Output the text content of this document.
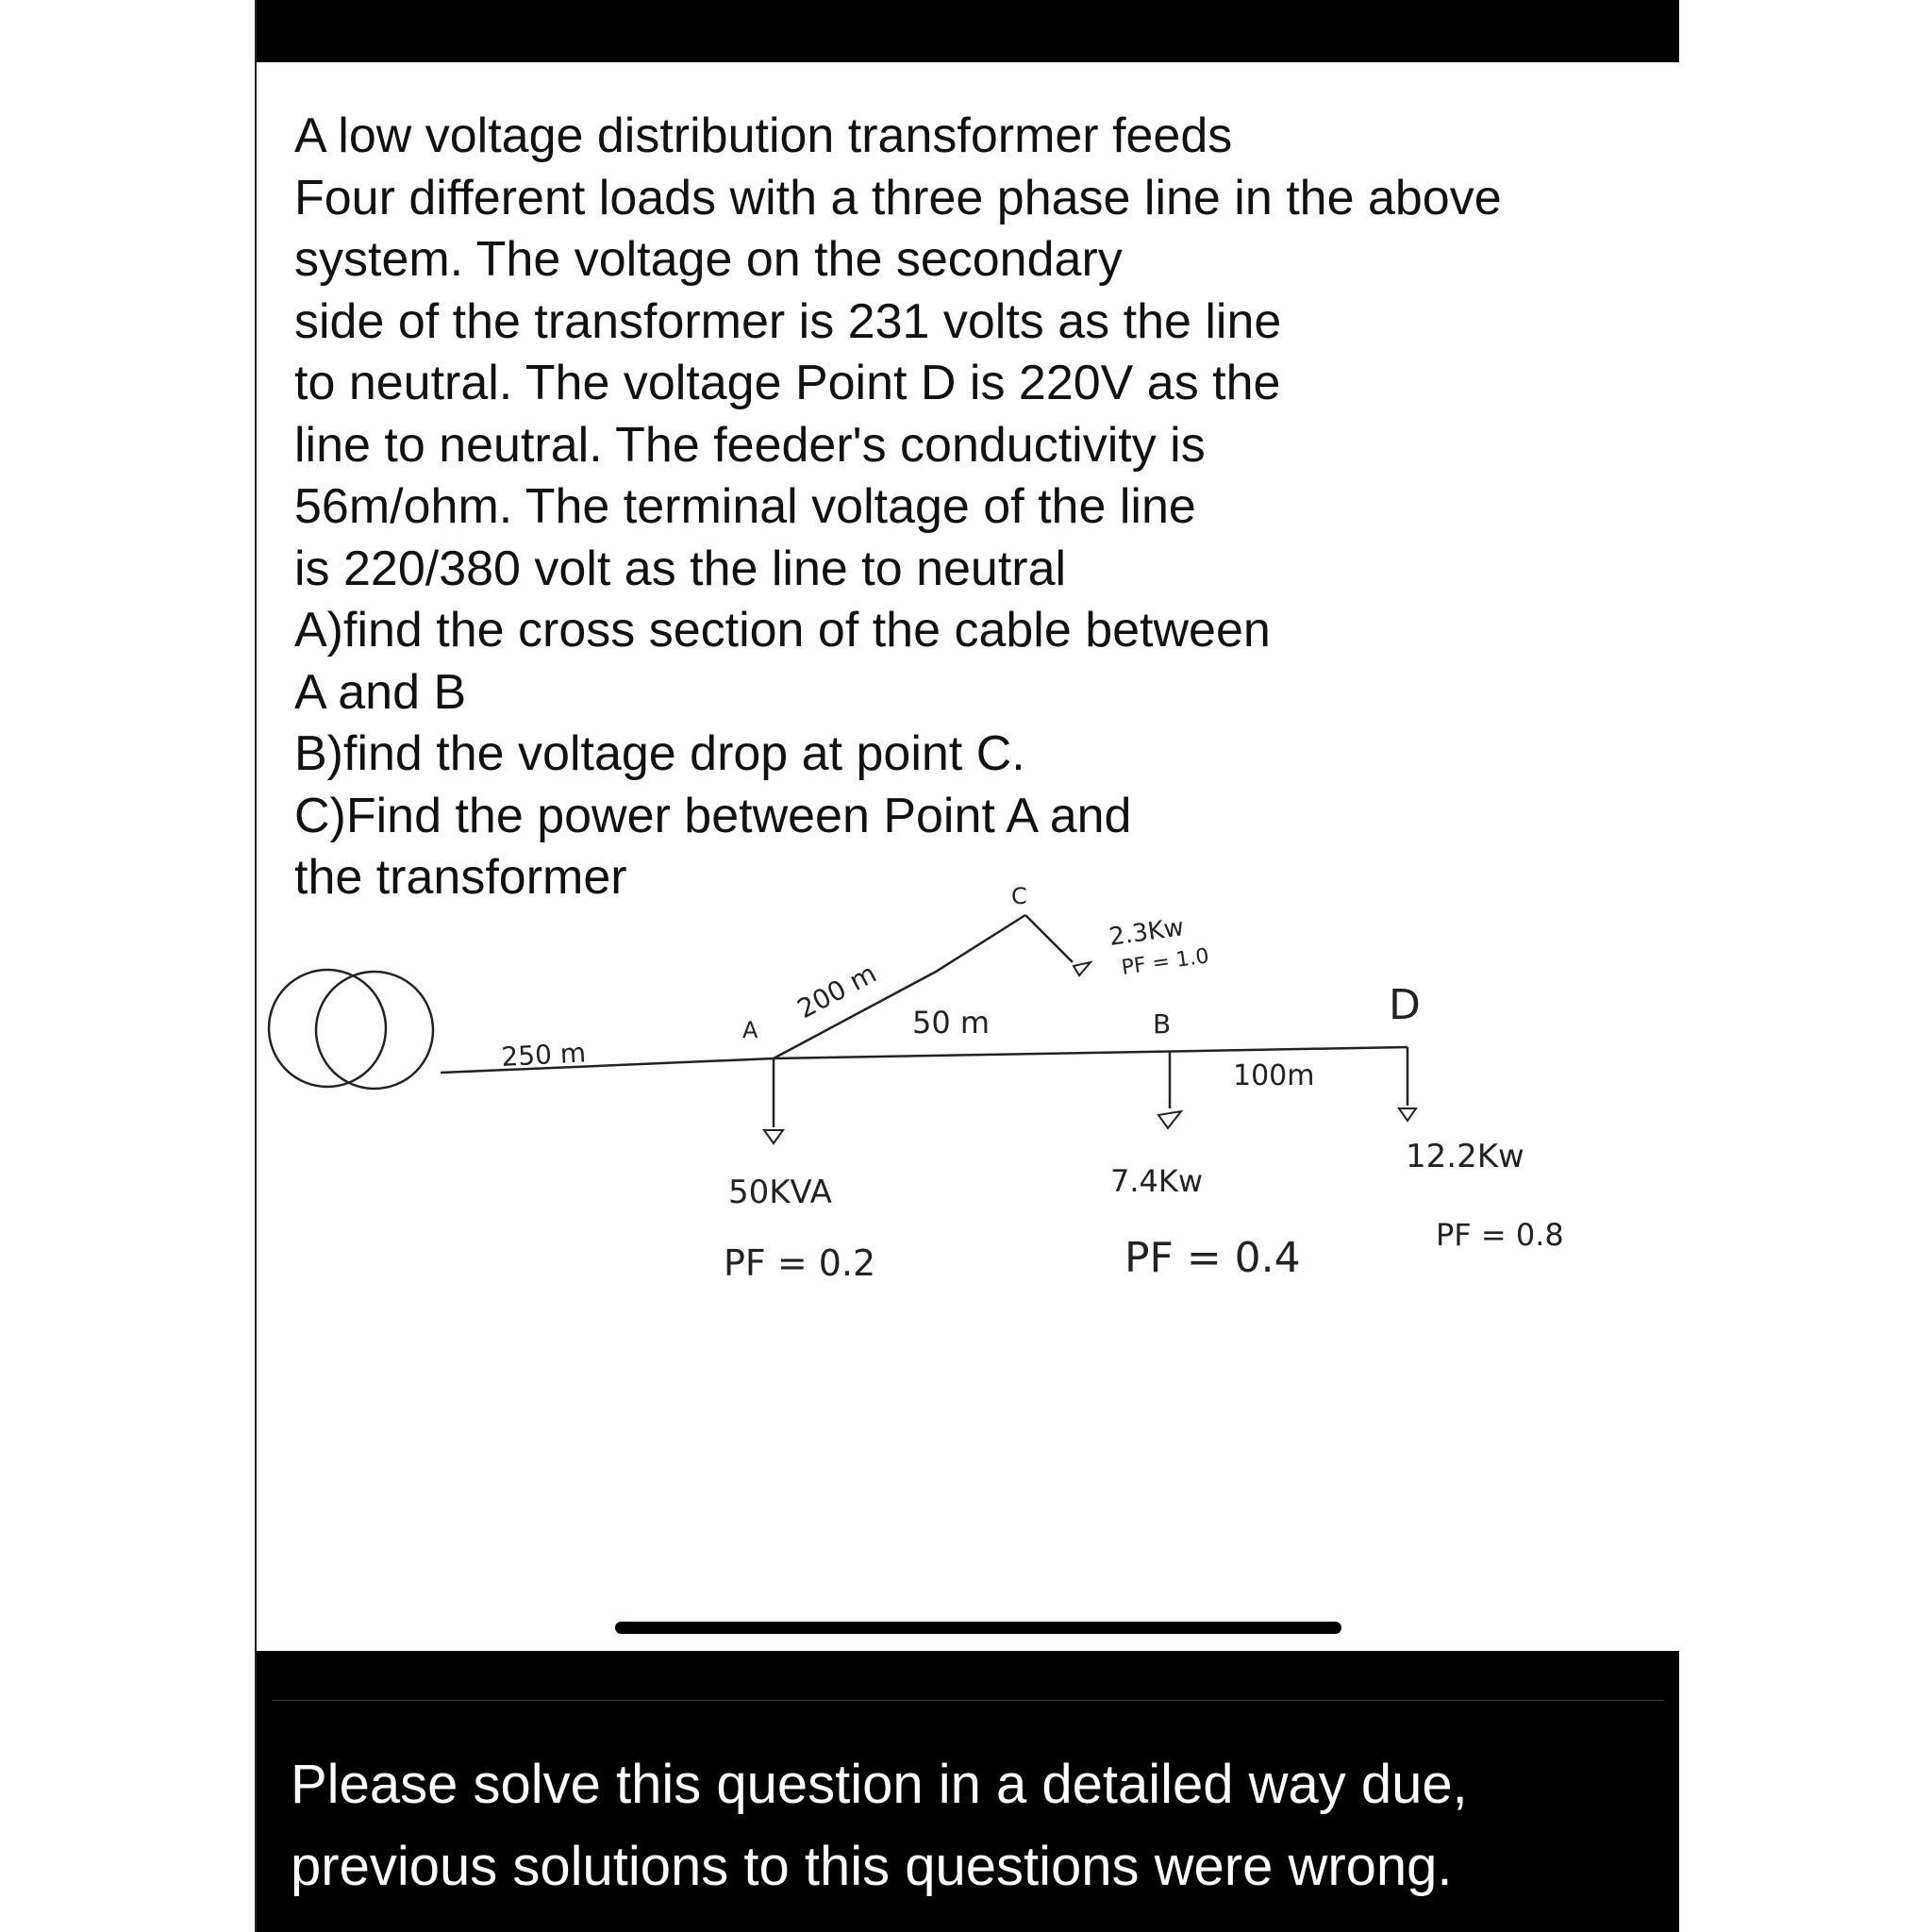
A low voltage distribution transformer feeds
Four different loads with a three phase line in the above
system. The voltage on the secondary
side of the transformer is 231 volts as the line
to neutral. The voltage Point D is 220V as the
line to neutral. The feeder's conductivity is
56m/ohm. The terminal voltage of the line
is 220/380 volt as the line to neutral
A)find the cross section of the cable between
A and B
B)find the voltage drop at point C.
C)Find the power between Point A and
the transformer
A
C
B	D
250 m
200 m 50 m
100m
2.3Kw
PF = 1.0
50KVA
PF = 0.2
7.4Kw
PF = 0.4
12.2Kw
PF = 0.8
Please solve this question in a detailed way due,
previous solutions to this questions were wrong.
